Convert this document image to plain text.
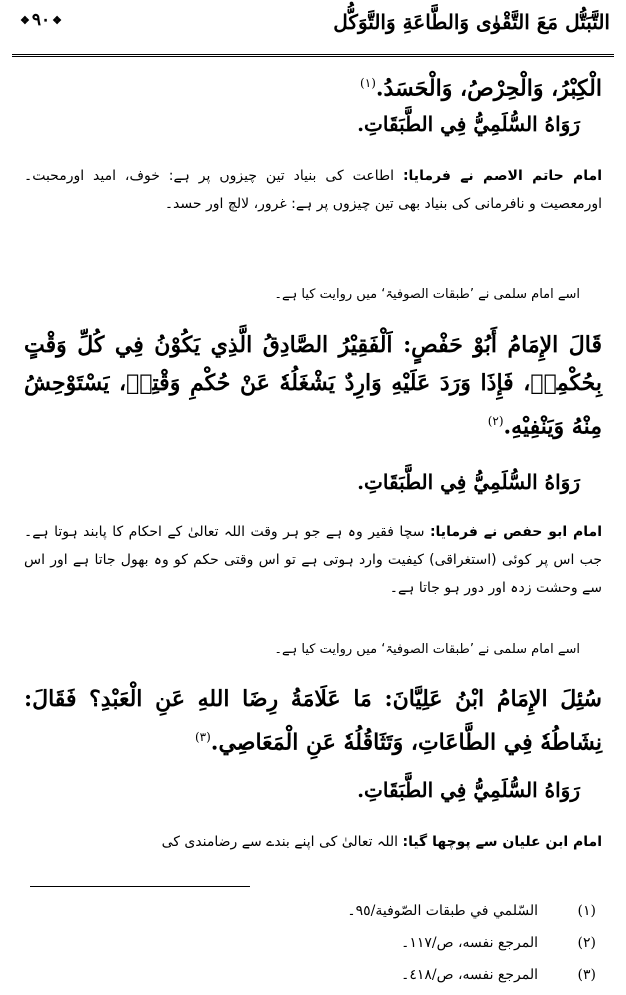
التَّبَتُّل مَعَ التَّقْوٰى وَالطَّاعَةِ وَالتَّوَكُّل
❖٩٠❖
الْكِبْرُ، وَالْحِرْصُ، وَالْحَسَدُ.$^{(١)}$
رَوَاهُ السُّلَمِيُّ فِي الطَّبَقَاتِ.
امام حاتم الاصم نے فرمایا: اطاعت کی بنیاد تین چیزوں پر ہے: خوف، امید اورمحبت۔ اورمعصیت و نافرمانی کی بنیاد بھی تین چیزوں پر ہے: غرور، لالچ اور حسد۔
اسے امام سلمی نے ’طبقات الصوفیۃ‘ میں روایت کیا ہے۔
قَالَ الإِمَامُ أَبُوْ حَفْصٍ: اَلْفَقِيْرُ الصَّادِقُ الَّذِي يَكُوْنُ فِي كُلِّ وَقْتٍ بِحُكْمِهٖ، فَإِذَا وَرَدَ عَلَيْهِ وَارِدٌ يَشْغَلُهٗ عَنْ حُكْمِ وَقْتِهٖ، يَسْتَوْحِشُ مِنْهُ وَيَنْفِيْهِ.$^{(٢)}$
رَوَاهُ السُّلَمِيُّ فِي الطَّبَقَاتِ.
امام ابو حفص نے فرمایا: سچا فقیر وہ ہے جو ہر وقت اللہ تعالیٰ کے احکام کا پابند ہوتا ہے۔ جب اس پر کوئی (استغراقی) کیفیت وارد ہوتی ہے تو اس وقتی حکم کو وہ بھول جاتا ہے اور اس سے وحشت زدہ اور دور ہو جاتا ہے۔
اسے امام سلمی نے ’طبقات الصوفیۃ‘ میں روایت کیا ہے۔
سُئِلَ الإِمَامُ ابْنُ عَلِيَّانَ: مَا عَلَامَةُ رِضَا اللهِ عَنِ الْعَبْدِ؟ فَقَالَ: نِشَاطُهٗ فِي الطَّاعَاتِ، وَتَثَاقُلُهٗ عَنِ الْمَعَاصِي.$^{(٣)}$
رَوَاهُ السُّلَمِيُّ فِي الطَّبَقَاتِ.
امام ابن علیان سے پوچھا گیا: اللہ تعالیٰ کی اپنے بندے سے رضامندی کی
(١)السّلمي في طبقات الصّوفية/٩٥۔
(٢)المرجع نفسه، ص/١١٧۔
(٣)المرجع نفسه، ص/٤١٨۔
